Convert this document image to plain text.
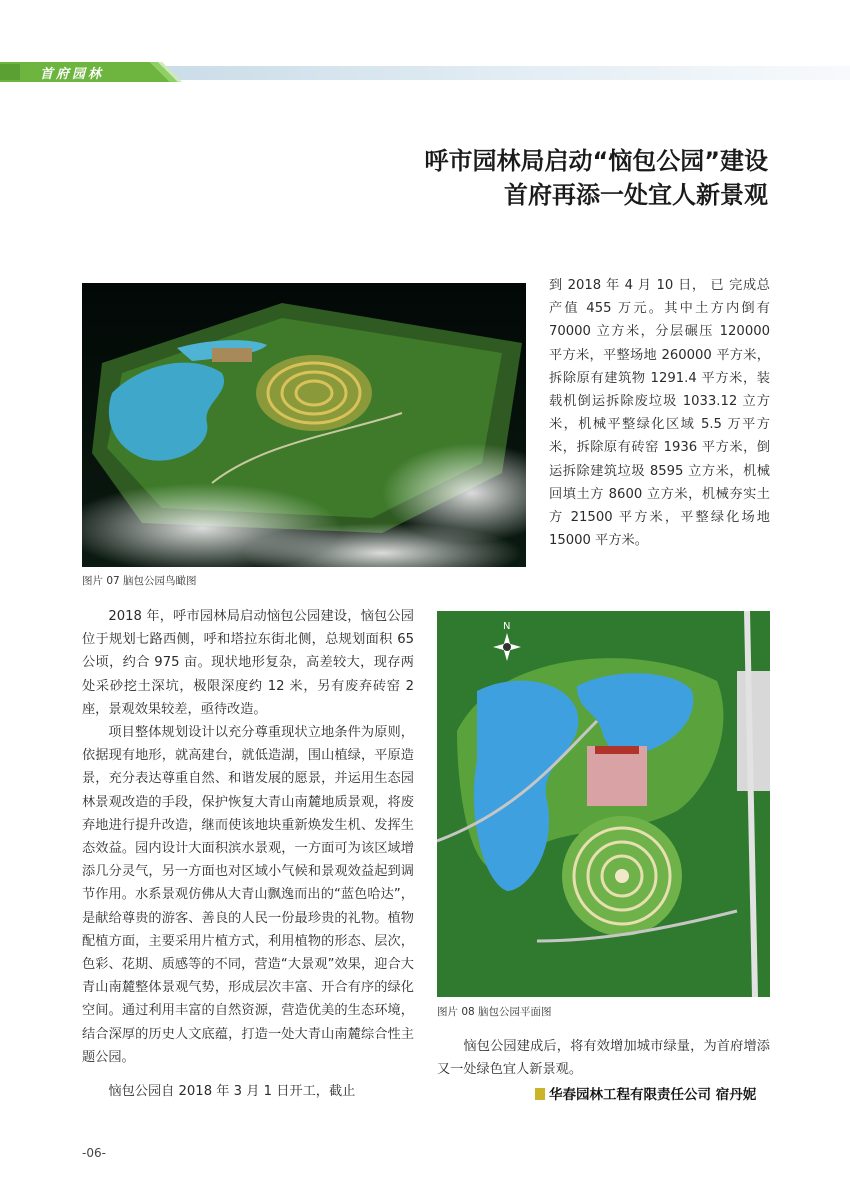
首府园林
呼市园林局启动“恼包公园”建设
首府再添一处宜人新景观
图片 07 脑包公园鸟瞰图

到 2018 年 4 月 10 日， 已 完成总产值 455 万元。其中土方内倒有 70000 立方米，分层碾压 120000 平方米，平整场地 260000 平方米，拆除原有建筑物 1291.4 平方米，装载机倒运拆除废垃圾 1033.12 立方米，机械平整绿化区域 5.5 万平方米，拆除原有砖窑 1936 平方米，倒运拆除建筑垃圾 8595 立方米，机械回填土方 8600 立方米，机械夯实土方 21500 平方米，平整绿化场地 15000 平方米。

2018 年，呼市园林局启动恼包公园建设，恼包公园位于规划七路西侧，呼和塔拉东街北侧，总规划面积 65 公顷，约合 975 亩。现状地形复杂，高差较大，现存两处采砂挖土深坑，极限深度约 12 米，另有废弃砖窑 2 座，景观效果较差，亟待改造。

项目整体规划设计以充分尊重现状立地条件为原则，依据现有地形，就高建台，就低造湖，围山植绿，平原造景，充分表达尊重自然、和谐发展的愿景，并运用生态园林景观改造的手段，保护恢复大青山南麓地质景观，将废弃地进行提升改造，继而使该地块重新焕发生机、发挥生态效益。园内设计大面积滨水景观，一方面可为该区域增添几分灵气，另一方面也对区域小气候和景观效益起到调节作用。水系景观仿佛从大青山飘逸而出的“蓝色哈达”，是献给尊贵的游客、善良的人民一份最珍贵的礼物。植物配植方面，主要采用片植方式，利用植物的形态、层次，色彩、花期、质感等的不同，营造“大景观”效果，迎合大青山南麓整体景观气势，形成层次丰富、开合有序的绿化空间。通过利用丰富的自然资源，营造优美的生态环境，结合深厚的历史人文底蕴，打造一处大青山南麓综合性主题公园。

恼包公园自 2018 年 3 月 1 日开工，截止

N
图片 08 脑包公园平面图

恼包公园建成后，将有效增加城市绿量，为首府增添又一处绿色宜人新景观。

华春园林工程有限责任公司 宿丹妮
-06-
